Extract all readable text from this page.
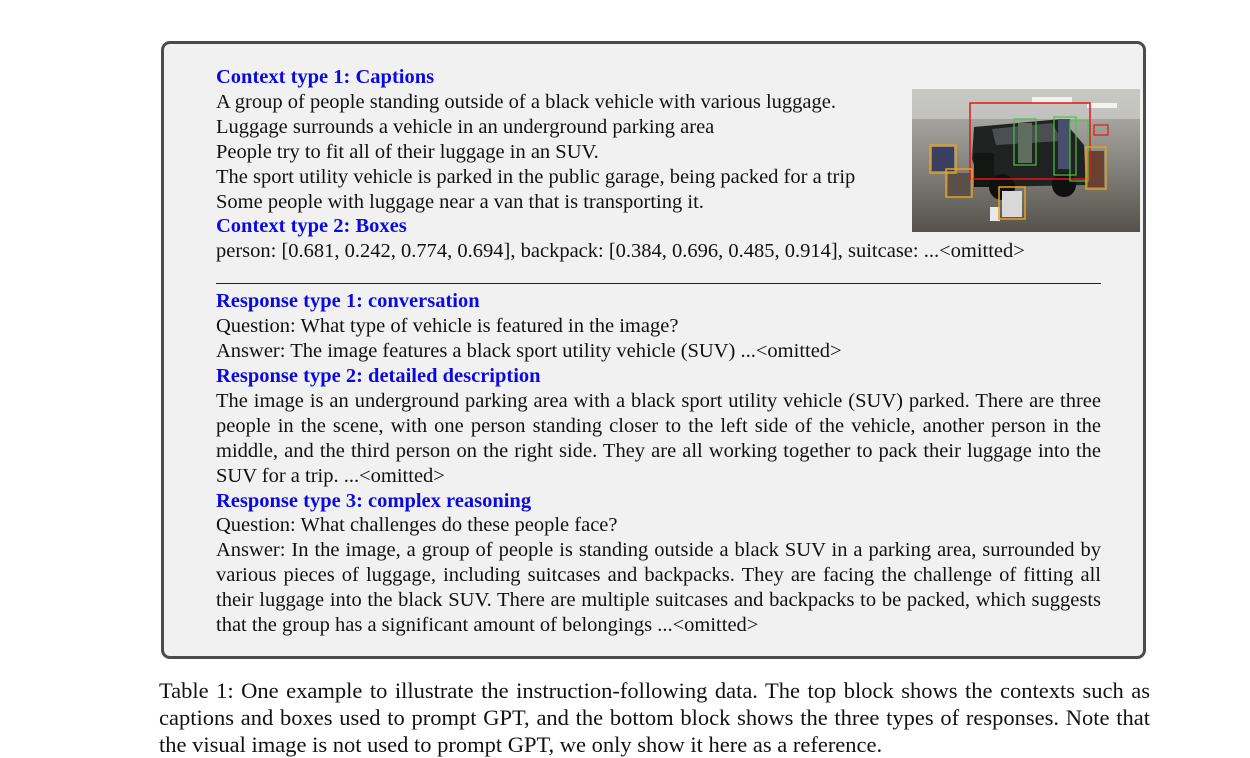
Context type 1: Captions
A group of people standing outside of a black vehicle with various luggage.
Luggage surrounds a vehicle in an underground parking area
People try to fit all of their luggage in an SUV.
The sport utility vehicle is parked in the public garage, being packed for a trip
Some people with luggage near a van that is transporting it.
Context type 2: Boxes
person: [0.681, 0.242, 0.774, 0.694], backpack: [0.384, 0.696, 0.485, 0.914], suitcase: ...<omitted>
Response type 1: conversation
Question: What type of vehicle is featured in the image?
Answer: The image features a black sport utility vehicle (SUV) ...<omitted>
Response type 2: detailed description
The image is an underground parking area with a black sport utility vehicle (SUV) parked. There are three people in the scene, with one person standing closer to the left side of the vehicle, another person in the middle, and the third person on the right side. They are all working together to pack their luggage into the SUV for a trip. ...<omitted>
Response type 3: complex reasoning
Question: What challenges do these people face?
Answer: In the image, a group of people is standing outside a black SUV in a parking area, surrounded by various pieces of luggage, including suitcases and backpacks. They are facing the challenge of fitting all their luggage into the black SUV. There are multiple suitcases and backpacks to be packed, which suggests that the group has a significant amount of belongings ...<omitted>
Table 1: One example to illustrate the instruction-following data. The top block shows the contexts such as captions and boxes used to prompt GPT, and the bottom block shows the three types of responses. Note that the visual image is not used to prompt GPT, we only show it here as a reference.
